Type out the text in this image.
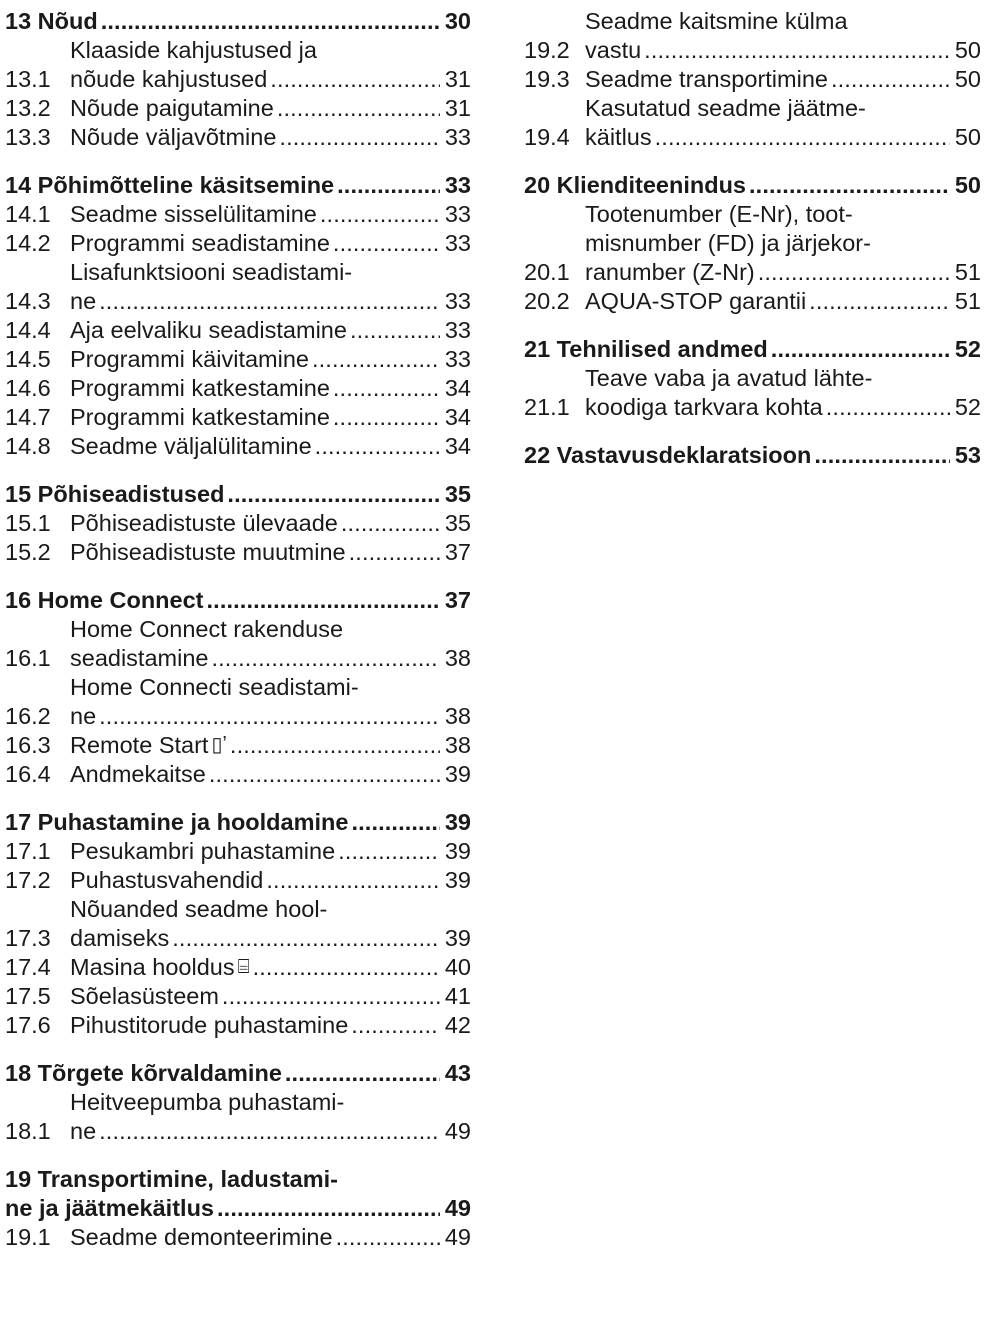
13 Nõud . . .	30
13.1
Klaaside kahjustused ja
nõude kahjustused . . .	31
13.2 Nõude paigutamine . . .	31
13.3 Nõude väljavõtmine . . .	33
14 Põhimõtteline käsitsemine . . .	33
14.1 Seadme sisselülitamine . . .	33
14.2 Programmi seadistamine . . .	33
14.3
Lisafunktsiooni seadistami-
ne . . .	33
14.4 Aja eelvaliku seadistamine . . .	33
14.5 Programmi käivitamine . . .	33
14.6 Programmi katkestamine . . .	34
14.7 Programmi katkestamine . . .	34
14.8 Seadme väljalülitamine . . .	34
15 Põhiseadistused . . .	35
15.1 Põhiseadistuste ülevaade . . .	35
15.2 Põhiseadistuste muutmine . . .	37
16 Home Connect . . .	37
16.1
Home Connect rakenduse
seadistamine . . .	38
16.2
Home Connecti seadistami-
ne . . .	38
16.3 Remote Start ▯ʼ . . .	38
16.4 Andmekaitse . . .	39
17 Puhastamine ja hooldamine . . .	39
17.1 Pesukambri puhastamine . . .	39
17.2 Puhastusvahendid . . .	39
17.3
Nõuanded seadme hool-
damiseks . . .	39
17.4 Masina hooldus ⌸ . . .	40
17.5 Sõelasüsteem . . .	41
17.6 Pihustitorude puhastamine . . .	42
18 Tõrgete kõrvaldamine . . .	43
18.1
Heitveepumba puhastami-
ne . . .	49
19 Transportimine, ladustami-
ne ja jäätmekäitlus . . .	49
19.1 Seadme demonteerimine . . .	49
19.2
Seadme kaitsmine külma
vastu . . .	50
19.3 Seadme transportimine . . .	50
19.4
Kasutatud seadme jäätme-
käitlus . . .	50
20 Klienditeenindus . . .	50
20.1
Tootenumber (E-Nr), toot-
misnumber (FD) ja järjekor-
ranumber (Z-Nr) . . .	51
20.2 AQUA-STOP garantii . . .	51
21 Tehnilised andmed . . .	52
21.1
Teave vaba ja avatud lähte-
koodiga tarkvara kohta . . .	52
22 Vastavusdeklaratsioon . . .	53
